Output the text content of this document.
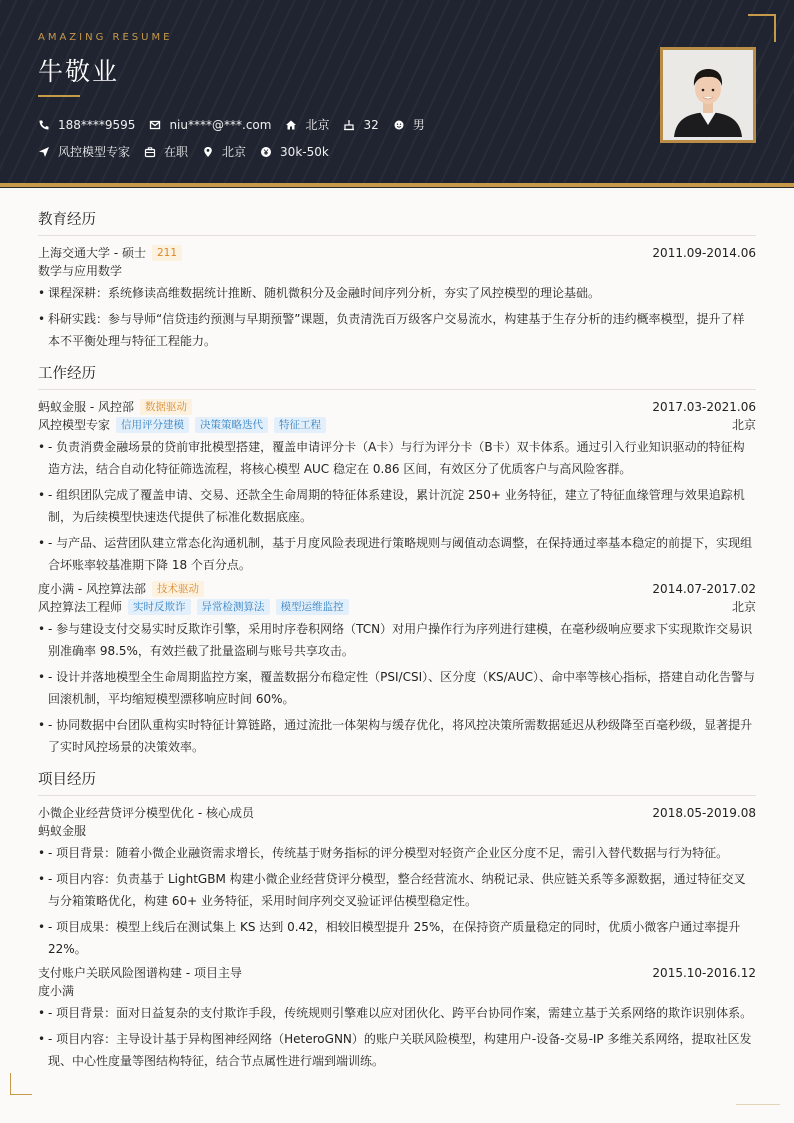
AMAZING RESUME
牛敬业
188****9595	niu****@***.com	北京	32	男
风控模型专家	在职	北京	30k-50k
教育经历
上海交通大学 - 硕士	211	2011.09-2014.06
数学与应用数学
• 课程深耕：系统修读高维数据统计推断、随机微积分及金融时间序列分析，夯实了风控模型的理论基础。
• 科研实践：参与导师“信贷违约预测与早期预警”课题，负责清洗百万级客户交易流水，构建基于生存分析的违约概率模型，提升了样本不平衡处理与特征工程能力。
工作经历
蚂蚁金服 - 风控部	数据驱动	2017.03-2021.06
风控模型专家	信用评分建模	决策策略迭代	特征工程	北京
• - 负责消费金融场景的贷前审批模型搭建，覆盖申请评分卡（A卡）与行为评分卡（B卡）双卡体系。通过引入行业知识驱动的特征构造方法，结合自动化特征筛选流程，将核心模型 AUC 稳定在 0.86 区间，有效区分了优质客户与高风险客群。
• - 组织团队完成了覆盖申请、交易、还款全生命周期的特征体系建设，累计沉淀 250+ 业务特征，建立了特征血缘管理与效果追踪机制，为后续模型快速迭代提供了标准化数据底座。
• - 与产品、运营团队建立常态化沟通机制，基于月度风险表现进行策略规则与阈值动态调整，在保持通过率基本稳定的前提下，实现组合坏账率较基准期下降 18 个百分点。
度小满 - 风控算法部	技术驱动	2014.07-2017.02
风控算法工程师	实时反欺诈	异常检测算法	模型运维监控	北京
• - 参与建设支付交易实时反欺诈引擎，采用时序卷积网络（TCN）对用户操作行为序列进行建模，在毫秒级响应要求下实现欺诈交易识别准确率 98.5%，有效拦截了批量盗刷与账号共享攻击。
• - 设计并落地模型全生命周期监控方案，覆盖数据分布稳定性（PSI/CSI）、区分度（KS/AUC）、命中率等核心指标，搭建自动化告警与回滚机制，平均缩短模型漂移响应时间 60%。
• - 协同数据中台团队重构实时特征计算链路，通过流批一体架构与缓存优化，将风控决策所需数据延迟从秒级降至百毫秒级，显著提升了实时风控场景的决策效率。
项目经历
小微企业经营贷评分模型优化 - 核心成员	2018.05-2019.08
蚂蚁金服
• - 项目背景：随着小微企业融资需求增长，传统基于财务指标的评分模型对轻资产企业区分度不足，需引入替代数据与行为特征。
• - 项目内容：负责基于 LightGBM 构建小微企业经营贷评分模型，整合经营流水、纳税记录、供应链关系等多源数据，通过特征交叉与分箱策略优化，构建 60+ 业务特征，采用时间序列交叉验证评估模型稳定性。
• - 项目成果：模型上线后在测试集上 KS 达到 0.42，相较旧模型提升 25%，在保持资产质量稳定的同时，优质小微客户通过率提升 22%。
支付账户关联风险图谱构建 - 项目主导	2015.10-2016.12
度小满
• - 项目背景：面对日益复杂的支付欺诈手段，传统规则引擎难以应对团伙化、跨平台协同作案，需建立基于关系网络的欺诈识别体系。
• - 项目内容：主导设计基于异构图神经网络（HeteroGNN）的账户关联风险模型，构建用户-设备-交易-IP 多维关系网络，提取社区发现、中心性度量等图结构特征，结合节点属性进行端到端训练。
